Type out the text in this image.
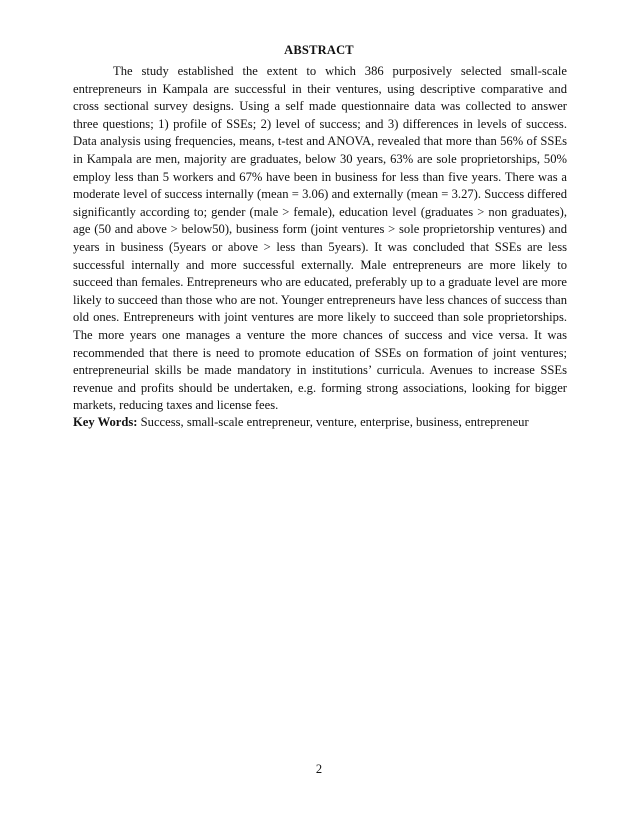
ABSTRACT

The study established the extent to which 386 purposively selected small-scale entrepreneurs in Kampala are successful in their ventures, using descriptive comparative and cross sectional survey designs. Using a self made questionnaire data was collected to answer three questions; 1) profile of SSEs; 2) level of success; and 3) differences in levels of success. Data analysis using frequencies, means, t-test and ANOVA, revealed that more than 56% of SSEs in Kampala are men, majority are graduates, below 30 years, 63% are sole proprietorships, 50% employ less than 5 workers and 67% have been in business for less than five years. There was a moderate level of success internally (mean = 3.06) and externally (mean = 3.27). Success differed significantly according to; gender (male > female), education level (graduates > non graduates), age (50 and above > below50), business form (joint ventures > sole proprietorship ventures) and years in business (5years or above > less than 5years). It was concluded that SSEs are less successful internally and more successful externally. Male entrepreneurs are more likely to succeed than females. Entrepreneurs who are educated, preferably up to a graduate level are more likely to succeed than those who are not. Younger entrepreneurs have less chances of success than old ones. Entrepreneurs with joint ventures are more likely to succeed than sole proprietorships. The more years one manages a venture the more chances of success and vice versa. It was recommended that there is need to promote education of SSEs on formation of joint ventures; entrepreneurial skills be made mandatory in institutions’ curricula. Avenues to increase SSEs revenue and profits should be undertaken, e.g. forming strong associations, looking for bigger markets, reducing taxes and license fees.

Key Words: Success, small-scale entrepreneur, venture, enterprise, business, entrepreneur

2
